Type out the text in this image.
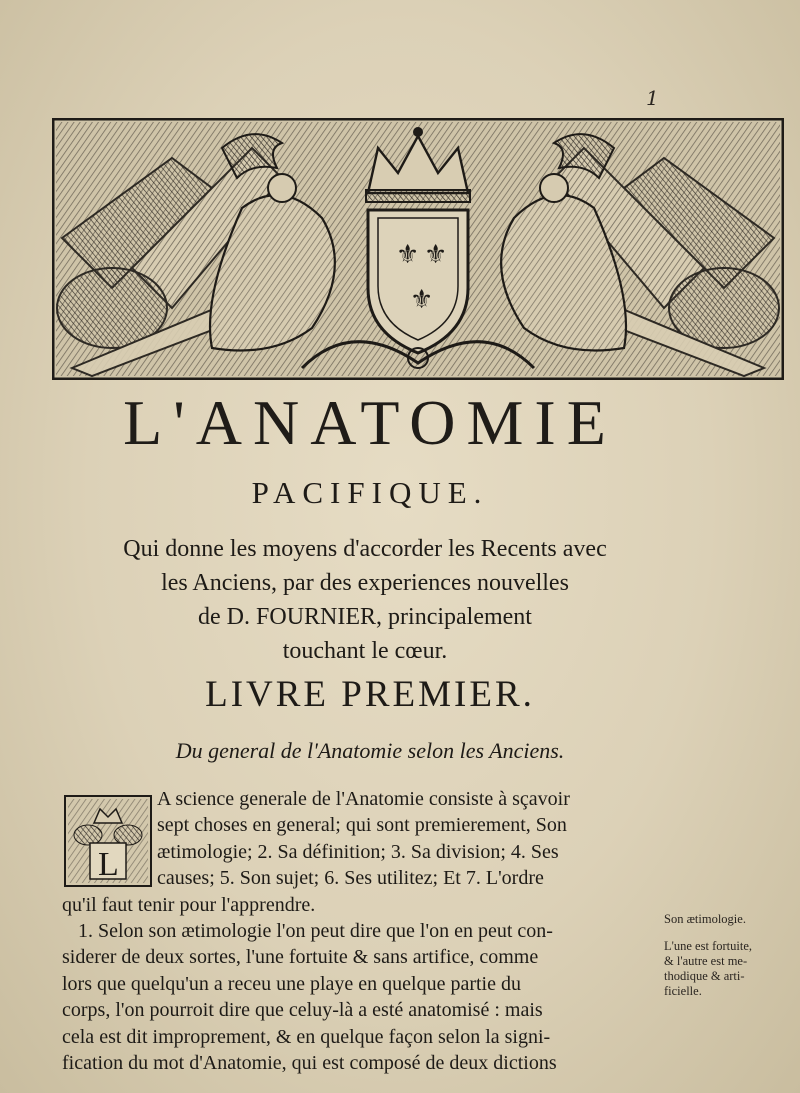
1
⚜ ⚜
⚜
L'ANATOMIE
PACIFIQUE.
Qui donne les moyens d'accorder les Recents avec
les Anciens, par des experiences nouvelles
de D. FOURNIER, principalement
touchant le cœur.
LIVRE PREMIER.
Du general de l'Anatomie selon les Anciens.
L
A science generale de l'Anatomie consiste à sçavoir
sept choses en general; qui sont premierement, Son
ætimologie; 2. Sa définition; 3. Sa division; 4. Ses
causes; 5. Son sujet; 6. Ses utilitez; Et 7. L'ordre
qu'il faut tenir pour l'apprendre.
1. Selon son ætimologie l'on peut dire que l'on en peut con-
siderer de deux sortes, l'une fortuite & sans artifice, comme
lors que quelqu'un a receu une playe en quelque partie du
corps, l'on pourroit dire que celuy-là a esté anatomisé : mais
cela est dit improprement, & en quelque façon selon la signi-
fication du mot d'Anatomie, qui est composé de deux dictions
Son ætimologie.
L'une est fortuite,
& l'autre est me-
thodique & arti-
ficielle.
